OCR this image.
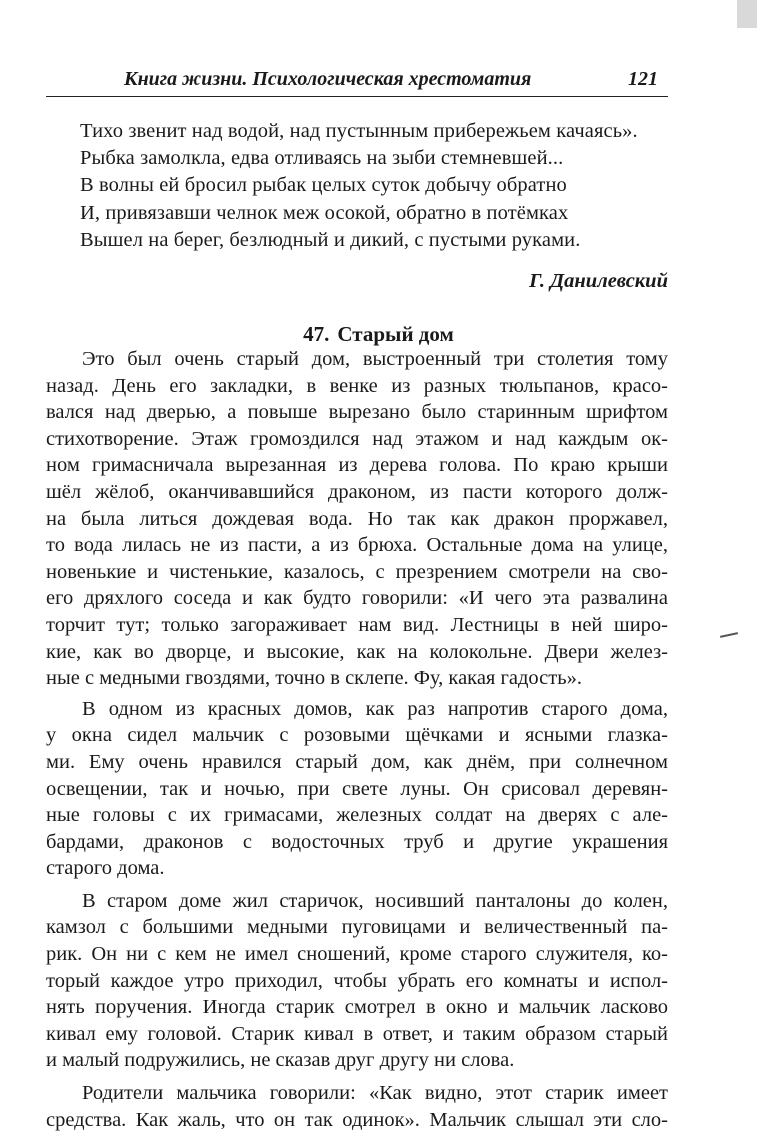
Книга жизни. Психологическая хрестоматия	121
Тихо звенит над водой, над пустынным прибережьем качаясь».
Рыбка замолкла, едва отливаясь на зыби стемневшей...
В волны ей бросил рыбак целых суток добычу обратно
И, привязавши челнок меж осокой, обратно в потёмках
Вышел на берег, безлюдный и дикий, с пустыми руками.
Г. Данилевский
47. Старый дом
Это был очень старый дом, выстроенный три столетия тому
назад. День его закладки, в венке из разных тюльпанов, красо-
вался над дверью, а повыше вырезано было старинным шрифтом
стихотворение. Этаж громоздился над этажом и над каждым ок-
ном гримасничала вырезанная из дерева голова. По краю крыши
шёл жёлоб, оканчивавшийся драконом, из пасти которого долж-
на была литься дождевая вода. Но так как дракон проржавел,
то вода лилась не из пасти, а из брюха. Остальные дома на улице,
новенькие и чистенькие, казалось, с презрением смотрели на сво-
его дряхлого соседа и как будто говорили: «И чего эта развалина
торчит тут; только загораживает нам вид. Лестницы в ней широ-
кие, как во дворце, и высокие, как на колокольне. Двери желез-
ные с медными гвоздями, точно в склепе. Фу, какая гадость».
В одном из красных домов, как раз напротив старого дома,
у окна сидел мальчик с розовыми щёчками и ясными глазка-
ми. Ему очень нравился старый дом, как днём, при солнечном
освещении, так и ночью, при свете луны. Он срисовал деревян-
ные головы с их гримасами, железных солдат на дверях с але-
бардами, драконов с водосточных труб и другие украшения
старого дома.
В старом доме жил старичок, носивший панталоны до колен,
камзол с большими медными пуговицами и величественный па-
рик. Он ни с кем не имел сношений, кроме старого служителя, ко-
торый каждое утро приходил, чтобы убрать его комнаты и испол-
нять поручения. Иногда старик смотрел в окно и мальчик ласково
кивал ему головой. Старик кивал в ответ, и таким образом старый
и малый подружились, не сказав друг другу ни слова.
Родители мальчика говорили: «Как видно, этот старик имеет
средства. Как жаль, что он так одинок». Мальчик слышал эти сло-
